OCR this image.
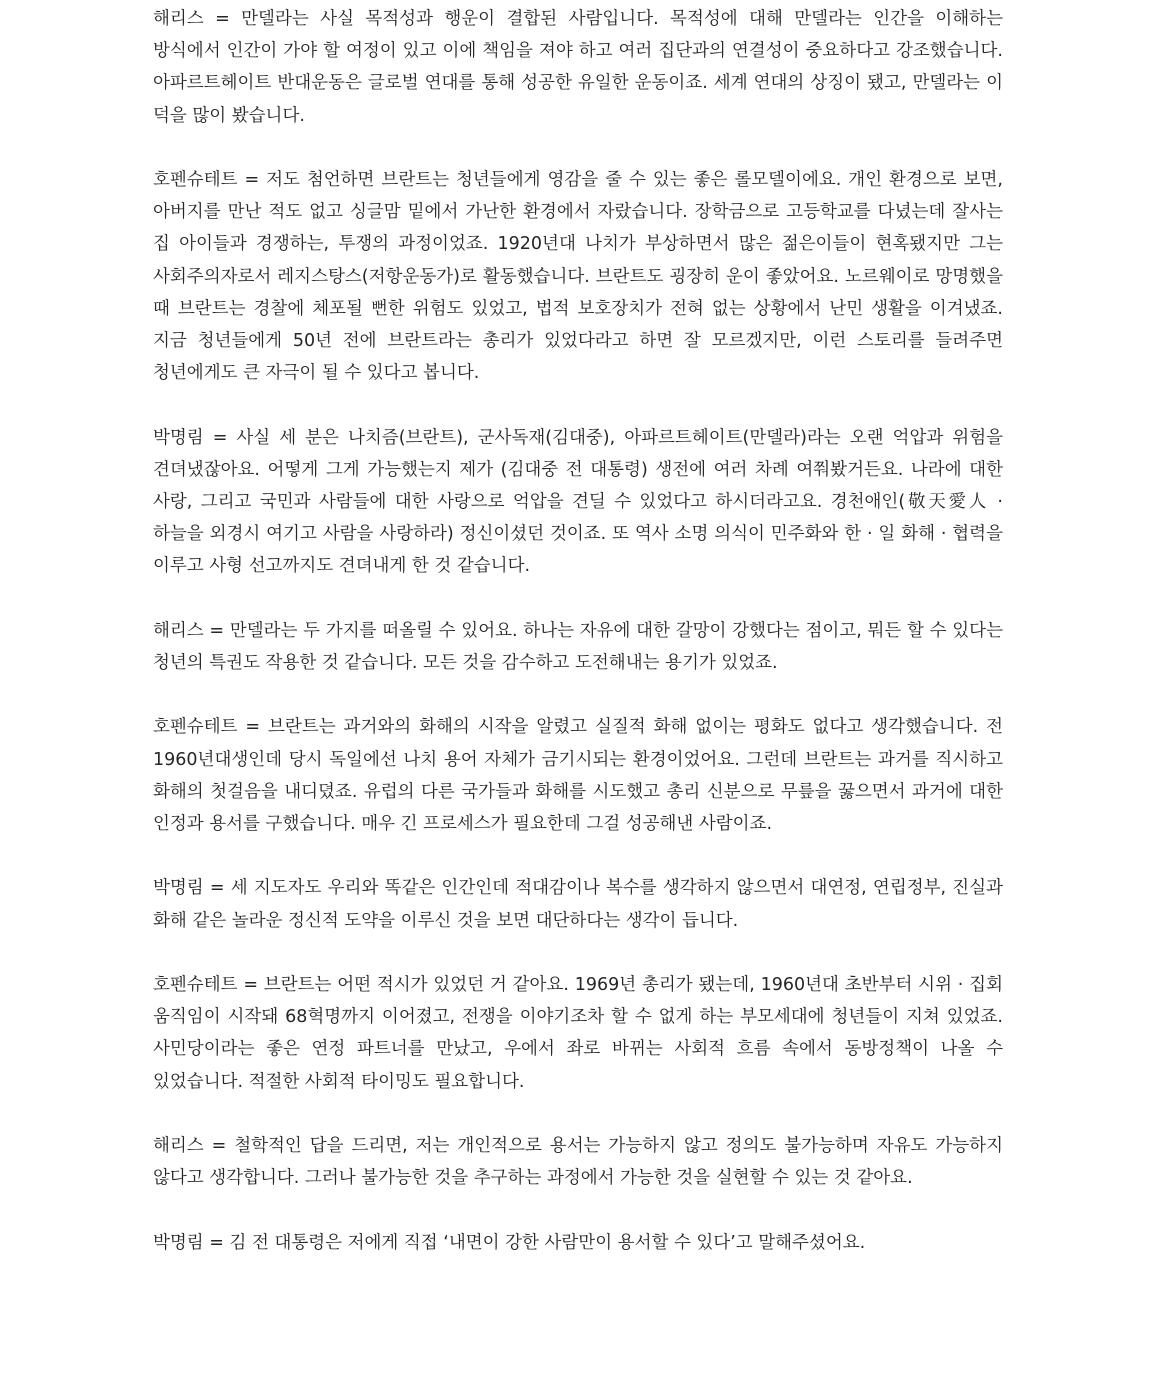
해리스 = 만델라는 사실 목적성과 행운이 결합된 사람입니다. 목적성에 대해 만델라는 인간을 이해하는 방식에서 인간이 가야 할 여정이 있고 이에 책임을 져야 하고 여러 집단과의 연결성이 중요하다고 강조했습니다. 아파르트헤이트 반대운동은 글로벌 연대를 통해 성공한 유일한 운동이죠. 세계 연대의 상징이 됐고, 만델라는 이 덕을 많이 봤습니다.

호펜슈테트 = 저도 첨언하면 브란트는 청년들에게 영감을 줄 수 있는 좋은 롤모델이에요. 개인 환경으로 보면, 아버지를 만난 적도 없고 싱글맘 밑에서 가난한 환경에서 자랐습니다. 장학금으로 고등학교를 다녔는데 잘사는 집 아이들과 경쟁하는, 투쟁의 과정이었죠. 1920년대 나치가 부상하면서 많은 젊은이들이 현혹됐지만 그는 사회주의자로서 레지스탕스(저항운동가)로 활동했습니다. 브란트도 굉장히 운이 좋았어요. 노르웨이로 망명했을 때 브란트는 경찰에 체포될 뻔한 위험도 있었고, 법적 보호장치가 전혀 없는 상황에서 난민 생활을 이겨냈죠. 지금 청년들에게 50년 전에 브란트라는 총리가 있었다라고 하면 잘 모르겠지만, 이런 스토리를 들려주면 청년에게도 큰 자극이 될 수 있다고 봅니다.

박명림 = 사실 세 분은 나치즘(브란트), 군사독재(김대중), 아파르트헤이트(만델라)라는 오랜 억압과 위험을 견뎌냈잖아요. 어떻게 그게 가능했는지 제가 (김대중 전 대통령) 생전에 여러 차례 여쭤봤거든요. 나라에 대한 사랑, 그리고 국민과 사람들에 대한 사랑으로 억압을 견딜 수 있었다고 하시더라고요. 경천애인(敬天愛人 · 하늘을 외경시 여기고 사람을 사랑하라) 정신이셨던 것이죠. 또 역사 소명 의식이 민주화와 한 · 일 화해 · 협력을 이루고 사형 선고까지도 견뎌내게 한 것 같습니다.

해리스 = 만델라는 두 가지를 떠올릴 수 있어요. 하나는 자유에 대한 갈망이 강했다는 점이고, 뭐든 할 수 있다는 청년의 특권도 작용한 것 같습니다. 모든 것을 감수하고 도전해내는 용기가 있었죠.

호펜슈테트 = 브란트는 과거와의 화해의 시작을 알렸고 실질적 화해 없이는 평화도 없다고 생각했습니다. 전 1960년대생인데 당시 독일에선 나치 용어 자체가 금기시되는 환경이었어요. 그런데 브란트는 과거를 직시하고 화해의 첫걸음을 내디뎠죠. 유럽의 다른 국가들과 화해를 시도했고 총리 신분으로 무릎을 꿇으면서 과거에 대한 인정과 용서를 구했습니다. 매우 긴 프로세스가 필요한데 그걸 성공해낸 사람이죠.

박명림 = 세 지도자도 우리와 똑같은 인간인데 적대감이나 복수를 생각하지 않으면서 대연정, 연립정부, 진실과 화해 같은 놀라운 정신적 도약을 이루신 것을 보면 대단하다는 생각이 듭니다.

호펜슈테트 = 브란트는 어떤 적시가 있었던 거 같아요. 1969년 총리가 됐는데, 1960년대 초반부터 시위 · 집회 움직임이 시작돼 68혁명까지 이어졌고, 전쟁을 이야기조차 할 수 없게 하는 부모세대에 청년들이 지쳐 있었죠. 사민당이라는 좋은 연정 파트너를 만났고, 우에서 좌로 바뀌는 사회적 흐름 속에서 동방정책이 나올 수 있었습니다. 적절한 사회적 타이밍도 필요합니다.

해리스 = 철학적인 답을 드리면, 저는 개인적으로 용서는 가능하지 않고 정의도 불가능하며 자유도 가능하지 않다고 생각합니다. 그러나 불가능한 것을 추구하는 과정에서 가능한 것을 실현할 수 있는 것 같아요.

박명림 = 김 전 대통령은 저에게 직접 ‘내면이 강한 사람만이 용서할 수 있다’고 말해주셨어요.
